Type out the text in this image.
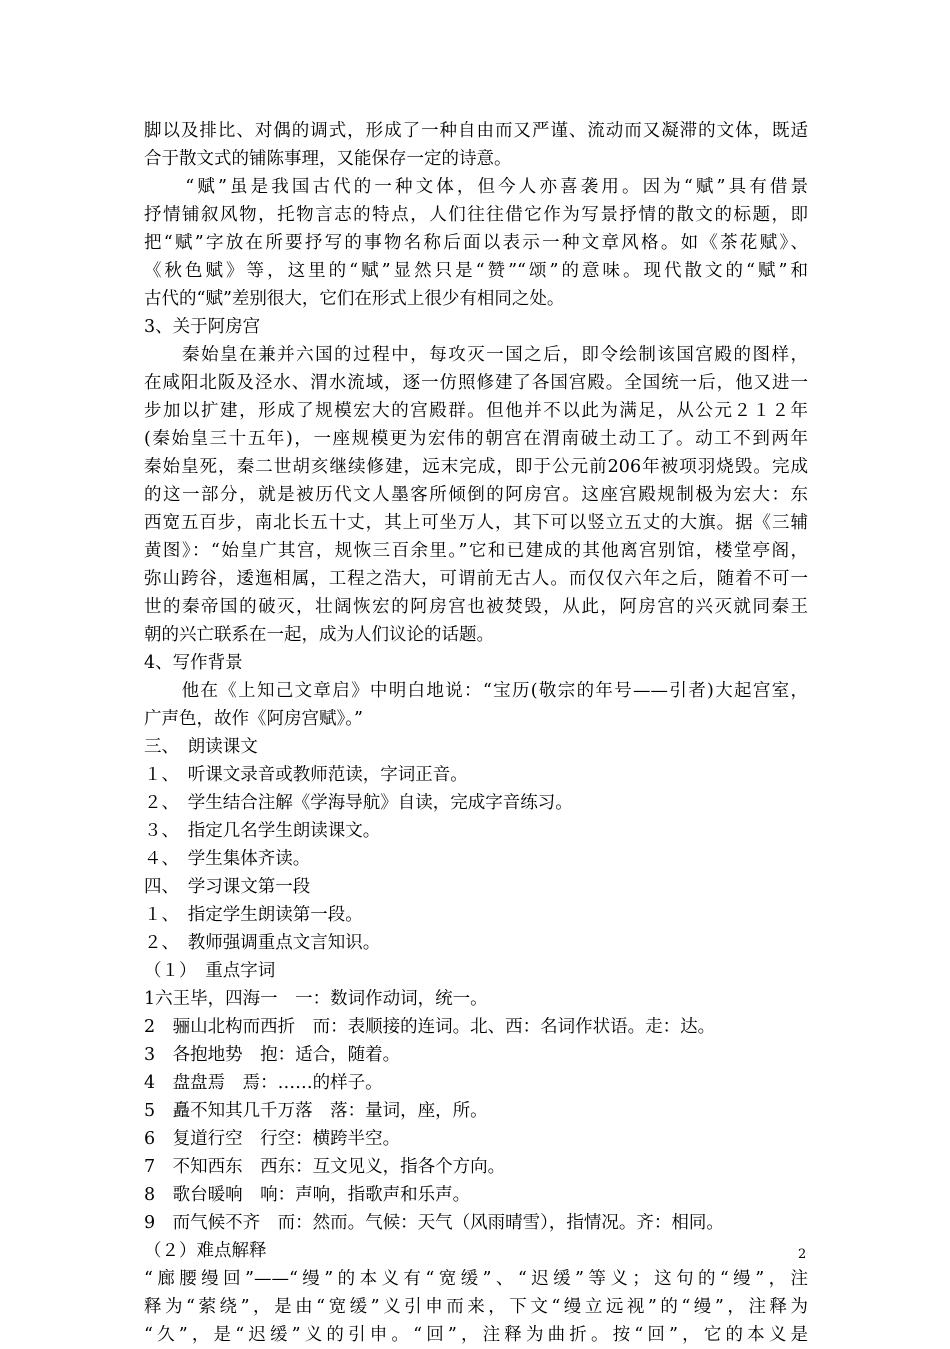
脚以及排比、对偶的调式，形成了一种自由而又严谨、流动而又凝滞的文体，既适
合于散文式的铺陈事理，又能保存一定的诗意。
　　“赋”虽是我国古代的一种文体，但今人亦喜袭用。因为“赋”具有借景
抒情铺叙风物，托物言志的特点，人们往往借它作为写景抒情的散文的标题，即
把“赋”字放在所要抒写的事物名称后面以表示一种文章风格。如《茶花赋》、
《秋色赋》等，这里的“赋”显然只是“赞”“颂”的意味。现代散文的“赋”和
古代的“赋”差别很大，它们在形式上很少有相同之处。
3、关于阿房宫
　　秦始皇在兼并六国的过程中，每攻灭一国之后，即令绘制该国宫殿的图样，
在咸阳北阪及泾水、渭水流域，逐一仿照修建了各国宫殿。全国统一后，他又进一
步加以扩建，形成了规模宏大的宫殿群。但他并不以此为满足，从公元２１２年
(秦始皇三十五年)，一座规模更为宏伟的朝宫在渭南破土动工了。动工不到两年
秦始皇死，秦二世胡亥继续修建，远末完成，即于公元前206年被项羽烧毁。完成
的这一部分，就是被历代文人墨客所倾倒的阿房宫。这座宫殿规制极为宏大：东
西宽五百步，南北长五十丈，其上可坐万人，其下可以竖立五丈的大旗。据《三辅
黄图》：“始皇广其宫，规恢三百余里。”它和已建成的其他离宫别馆，楼堂亭阁，
弥山跨谷，逶迤相属，工程之浩大，可谓前无古人。而仅仅六年之后，随着不可一
世的秦帝国的破灭，壮阔恢宏的阿房宫也被焚毁，从此，阿房宫的兴灭就同秦王
朝的兴亡联系在一起，成为人们议论的话题。
4、写作背景
　　他在《上知己文章启》中明白地说：“宝历(敬宗的年号——引者)大起宫室，
广声色，故作《阿房宫赋》。”
三、　朗读课文
１、　听课文录音或教师范读，字词正音。
２、　学生结合注解《学海导航》自读，完成字音练习。
３、　指定几名学生朗读课文。
４、　学生集体齐读。
四、　学习课文第一段
１、　指定学生朗读第一段。
２、　教师强调重点文言知识。
（１）　重点字词
1六王毕，四海一　一：数词作动词，统一。
2　骊山北构而西折　而：表顺接的连词。北、西：名词作状语。走：达。
3　各抱地势　抱：适合，随着。
4　盘盘焉　焉：……的样子。
5　矗不知其几千万落　落：量词，座，所。
6　复道行空　行空：横跨半空。
7　不知西东　西东：互文见义，指各个方向。
8　歌台暖响　响：声响，指歌声和乐声。
9　而气候不齐　而：然而。气候：天气（风雨晴雪），指情况。齐：相同。
（２）难点解释
“廊腰缦回”——“缦”的本义有“宽缓”、“迟缓”等义；这句的“缦”，注
释为“萦绕”，是由“宽缓”义引申而来，下文“缦立远视”的“缦”，注释为
“久”，是“迟缓”义的引申。“回”，注释为曲折。按“回”，它的本义是
2
